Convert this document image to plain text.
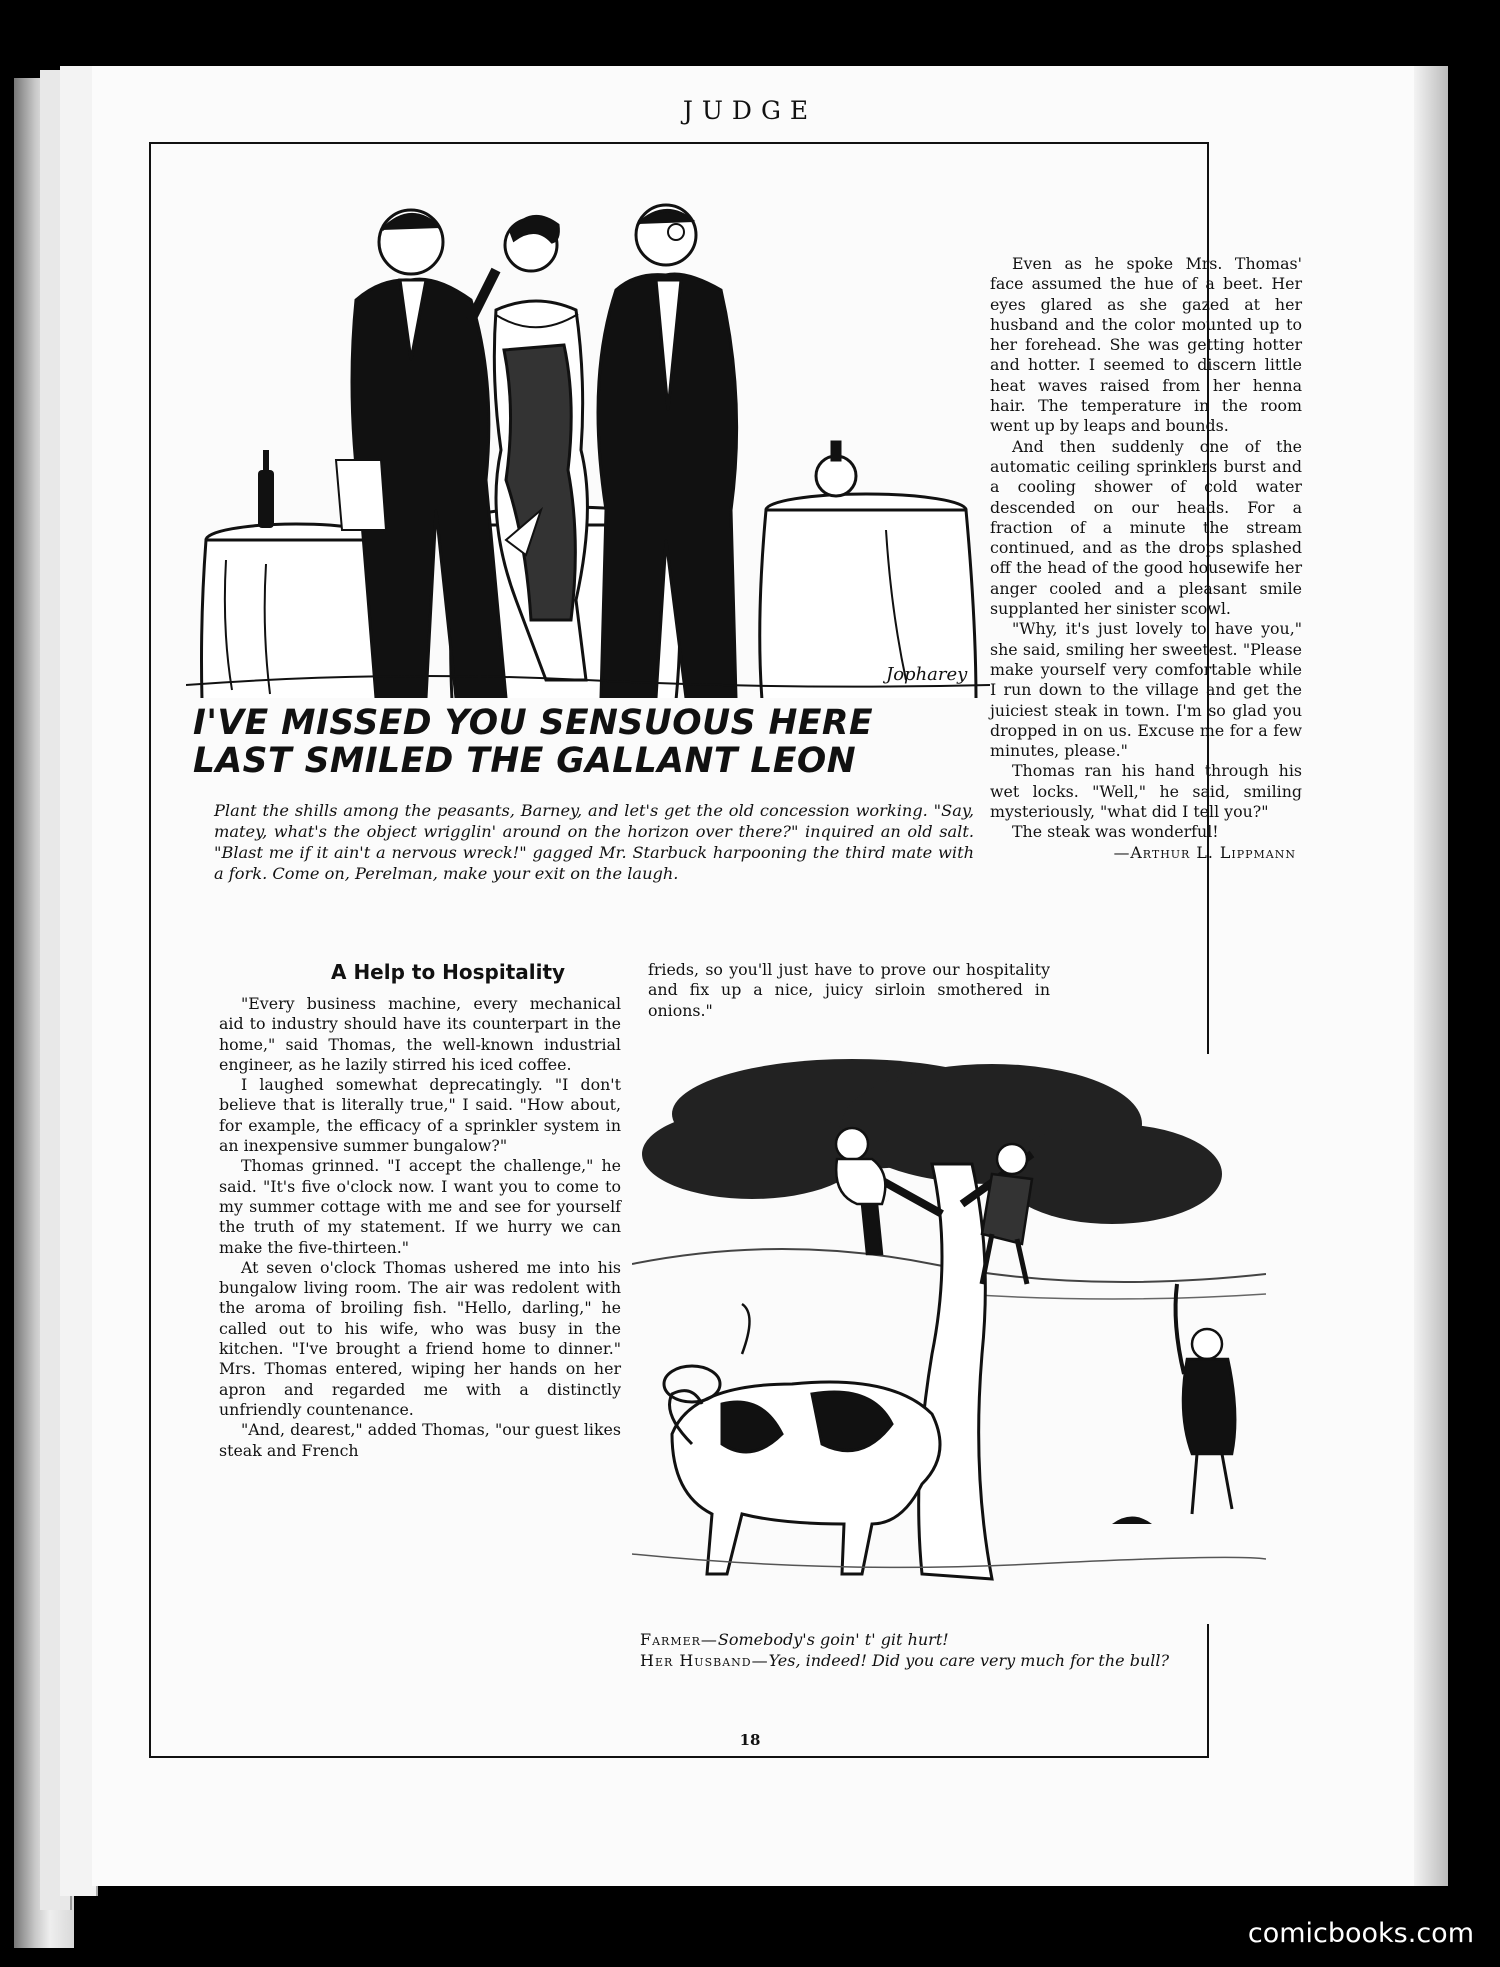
JUDGE
Jopharey
I'VE MISSED YOU SENSUOUS HERE
LAST SMILED THE GALLANT LEON
Plant the shills among the peasants, Barney, and let's get the old concession working. "Say, matey, what's the object wrigglin' around on the horizon over there?" inquired an old salt. "Blast me if it ain't a nervous wreck!" gagged Mr. Starbuck harpooning the third mate with a fork. Come on, Perelman, make your exit on the laugh.
A Help to Hospitality

"Every business machine, every mechanical aid to industry should have its counterpart in the home," said Thomas, the well-known industrial engineer, as he lazily stirred his iced coffee.

I laughed somewhat deprecatingly. "I don't believe that is literally true," I said. "How about, for example, the efficacy of a sprinkler system in an inexpensive summer bungalow?"

Thomas grinned. "I accept the challenge," he said. "It's five o'clock now. I want you to come to my summer cottage with me and see for yourself the truth of my statement. If we hurry we can make the five-thirteen."

At seven o'clock Thomas ushered me into his bungalow living room. The air was redolent with the aroma of broiling fish. "Hello, darling," he called out to his wife, who was busy in the kitchen. "I've brought a friend home to dinner." Mrs. Thomas entered, wiping her hands on her apron and regarded me with a distinctly unfriendly countenance.

"And, dearest," added Thomas, "our guest likes steak and French

frieds, so you'll just have to prove our hospitality and fix up a nice, juicy sirloin smothered in onions."

Even as he spoke Mrs. Thomas' face assumed the hue of a beet. Her eyes glared as she gazed at her husband and the color mounted up to her forehead. She was getting hotter and hotter. I seemed to discern little heat waves raised from her henna hair. The temperature in the room went up by leaps and bounds.

And then suddenly one of the automatic ceiling sprinklers burst and a cooling shower of cold water descended on our heads. For a fraction of a minute the stream continued, and as the drops splashed off the head of the good housewife her anger cooled and a pleasant smile supplanted her sinister scowl.

"Why, it's just lovely to have you," she said, smiling her sweetest. "Please make yourself very comfortable while I run down to the village and get the juiciest steak in town. I'm so glad you dropped in on us. Excuse me for a few minutes, please."

Thomas ran his hand through his wet locks. "Well," he said, smiling mysteriously, "what did I tell you?"

The steak was wonderful!

—Arthur L. Lippmann

Farmer—Somebody's goin' t' git hurt!
Her Husband—Yes, indeed! Did you care very much for the bull?
18
comicbooks.com
